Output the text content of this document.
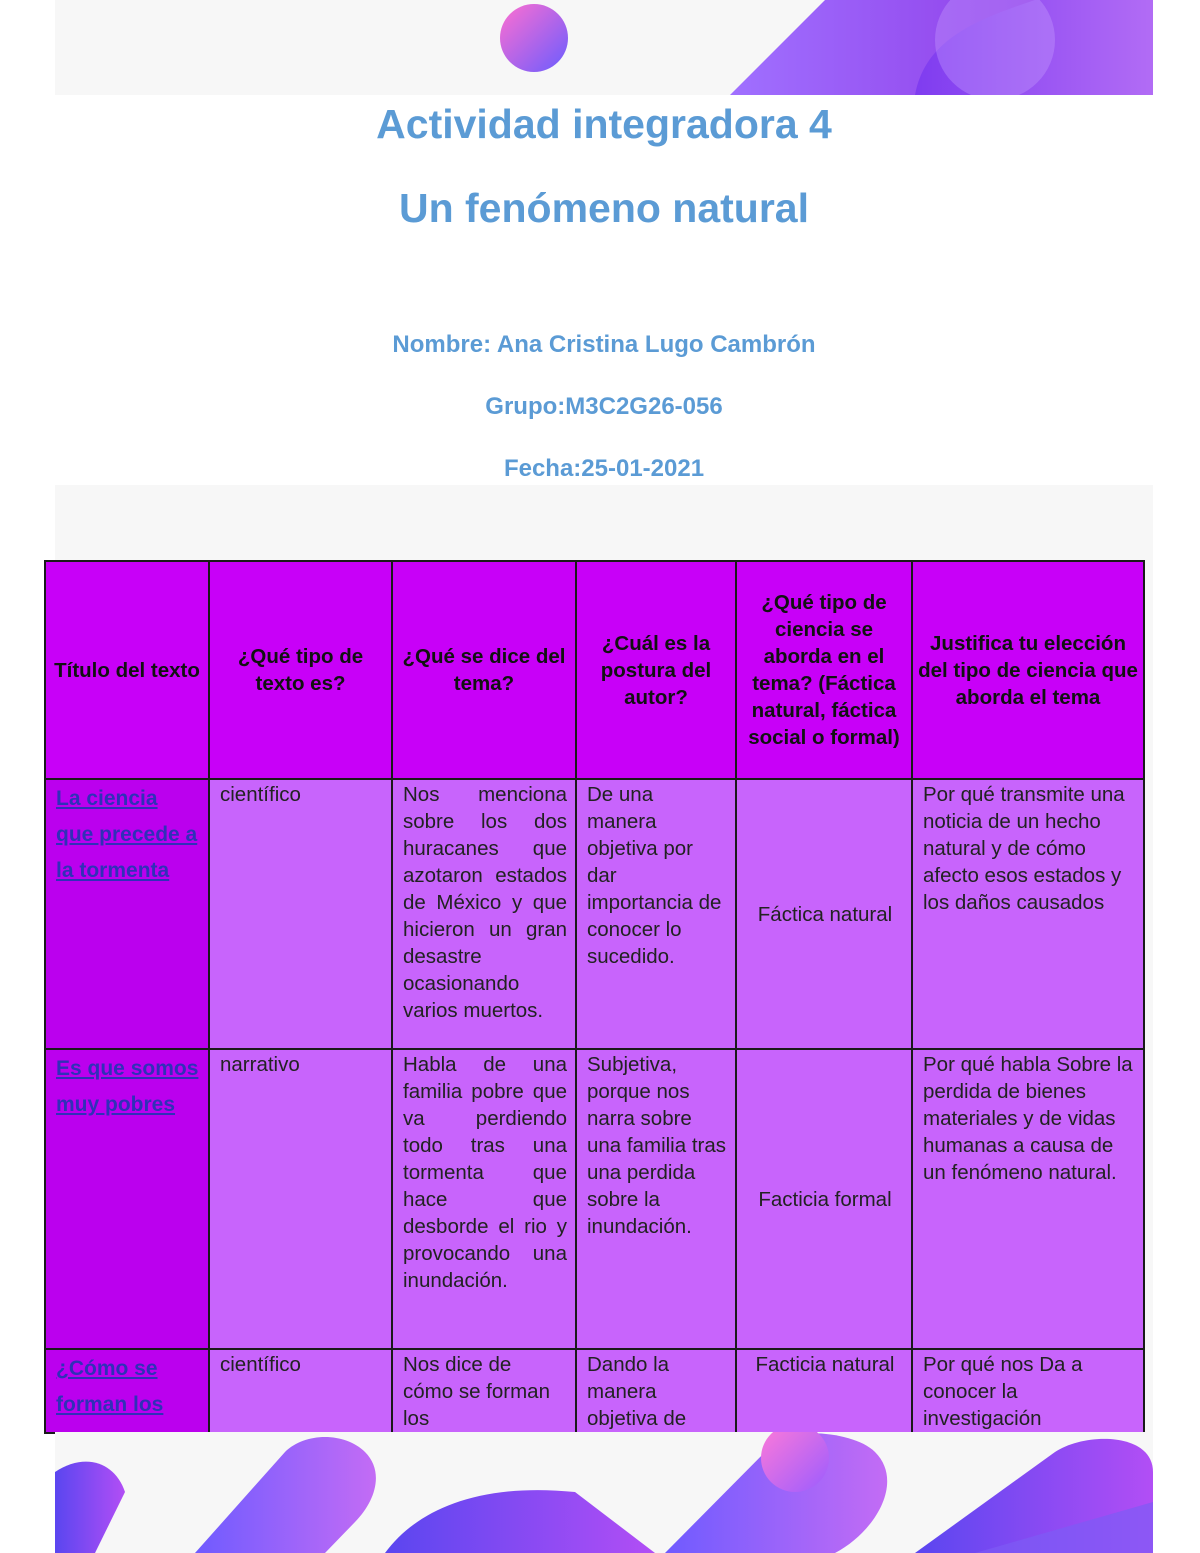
Actividad integradora 4
Un fenómeno natural
Nombre: Ana Cristina Lugo Cambrón
Grupo:M3C2G26-056
Fecha:25-01-2021
Título del texto	¿Qué tipo de texto es?	¿Qué se dice del tema?	¿Cuál es la postura del autor?	¿Qué tipo de ciencia se aborda en el tema? (Fáctica natural, fáctica social o formal)	Justifica tu elección del tipo de ciencia que aborda el tema
La ciencia que precede a la tormenta	científico	Nos menciona sobre los dos huracanes que azotaron estados de México y que hicieron un gran desastre ocasionando varios muertos.	De una manera objetiva por dar importancia de conocer lo sucedido.	Fáctica natural	Por qué transmite una noticia de un hecho natural y de cómo afecto esos estados y los daños causados
Es que somos muy pobres	narrativo	Habla de una familia pobre que va perdiendo todo tras una tormenta que hace que desborde el rio y provocando una inundación.	Subjetiva, porque nos narra sobre una familia tras una perdida sobre la inundación.	Facticia formal	Por qué habla Sobre la perdida de bienes materiales y de vidas humanas a causa de un fenómeno natural.
¿Cómo se forman los	científico	Nos dice de cómo se forman los	Dando la manera objetiva de	Facticia natural	Por qué nos Da a conocer la investigación
